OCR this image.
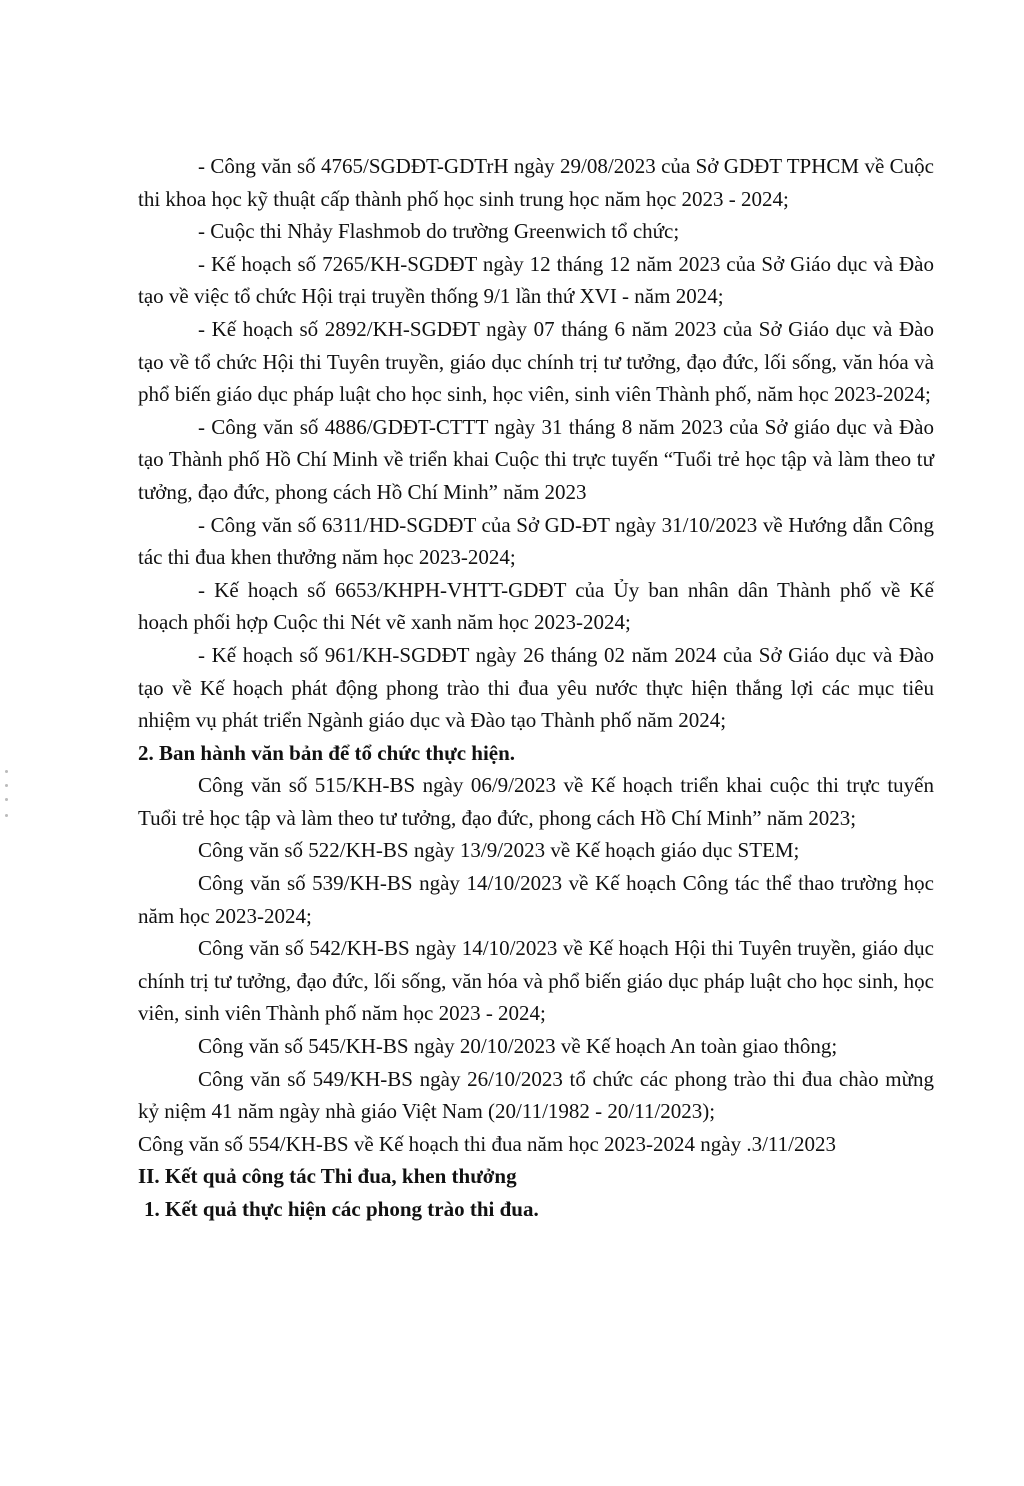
- Công văn số 4765/SGDĐT-GDTrH ngày 29/08/2023 của Sở GDĐT TPHCM về Cuộc thi khoa học kỹ thuật cấp thành phố học sinh trung học năm học 2023 - 2024;

- Cuộc thi Nhảy Flashmob do trường Greenwich tổ chức;

- Kế hoạch số 7265/KH-SGDĐT ngày 12 tháng 12 năm 2023 của Sở Giáo dục và Đào tạo về việc tổ chức Hội trại truyền thống 9/1 lần thứ XVI - năm 2024;

- Kế hoạch số 2892/KH-SGDĐT ngày 07 tháng 6 năm 2023 của Sở Giáo dục và Đào tạo về tổ chức Hội thi Tuyên truyền, giáo dục chính trị tư tưởng, đạo đức, lối sống, văn hóa và phổ biến giáo dục pháp luật cho học sinh, học viên, sinh viên Thành phố, năm học 2023-2024;

- Công văn số 4886/GDĐT-CTTT ngày 31 tháng 8 năm 2023 của Sở giáo dục và Đào tạo Thành phố Hồ Chí Minh về triển khai Cuộc thi trực tuyến “Tuổi trẻ học tập và làm theo tư tưởng, đạo đức, phong cách Hồ Chí Minh” năm 2023

- Công văn số 6311/HD-SGDĐT của Sở GD-ĐT ngày 31/10/2023 về Hướng dẫn Công tác thi đua khen thưởng năm học 2023-2024;

- Kế hoạch số 6653/KHPH-VHTT-GDĐT của Ủy ban nhân dân Thành phố về Kế hoạch phối hợp Cuộc thi Nét vẽ xanh năm học 2023-2024;

- Kế hoạch số 961/KH-SGDĐT ngày 26 tháng 02 năm 2024 của Sở Giáo dục và Đào tạo về Kế hoạch phát động phong trào thi đua yêu nước thực hiện thắng lợi các mục tiêu nhiệm vụ phát triển Ngành giáo dục và Đào tạo Thành phố năm 2024;

2. Ban hành văn bản để tổ chức thực hiện.

Công văn số 515/KH-BS ngày 06/9/2023 về Kế hoạch triển khai cuộc thi trực tuyến Tuổi trẻ học tập và làm theo tư tưởng, đạo đức, phong cách Hồ Chí Minh” năm 2023;

Công văn số 522/KH-BS ngày 13/9/2023 về Kế hoạch giáo dục STEM;

Công văn số 539/KH-BS ngày 14/10/2023 về Kế hoạch Công tác thể thao trường học năm học 2023-2024;

Công văn số 542/KH-BS ngày 14/10/2023 về Kế hoạch Hội thi Tuyên truyền, giáo dục chính trị tư tưởng, đạo đức, lối sống, văn hóa và phổ biến giáo dục pháp luật cho học sinh, học viên, sinh viên Thành phố năm học 2023 - 2024;

Công văn số 545/KH-BS ngày 20/10/2023 về Kế hoạch An toàn giao thông;

Công văn số 549/KH-BS ngày 26/10/2023 tổ chức các phong trào thi đua chào mừng kỷ niệm 41 năm ngày nhà giáo Việt Nam (20/11/1982 - 20/11/2023);

Công văn số 554/KH-BS về Kế hoạch thi đua năm học 2023-2024 ngày .3/11/2023

II. Kết quả công tác Thi đua, khen thưởng

1. Kết quả thực hiện các phong trào thi đua.
